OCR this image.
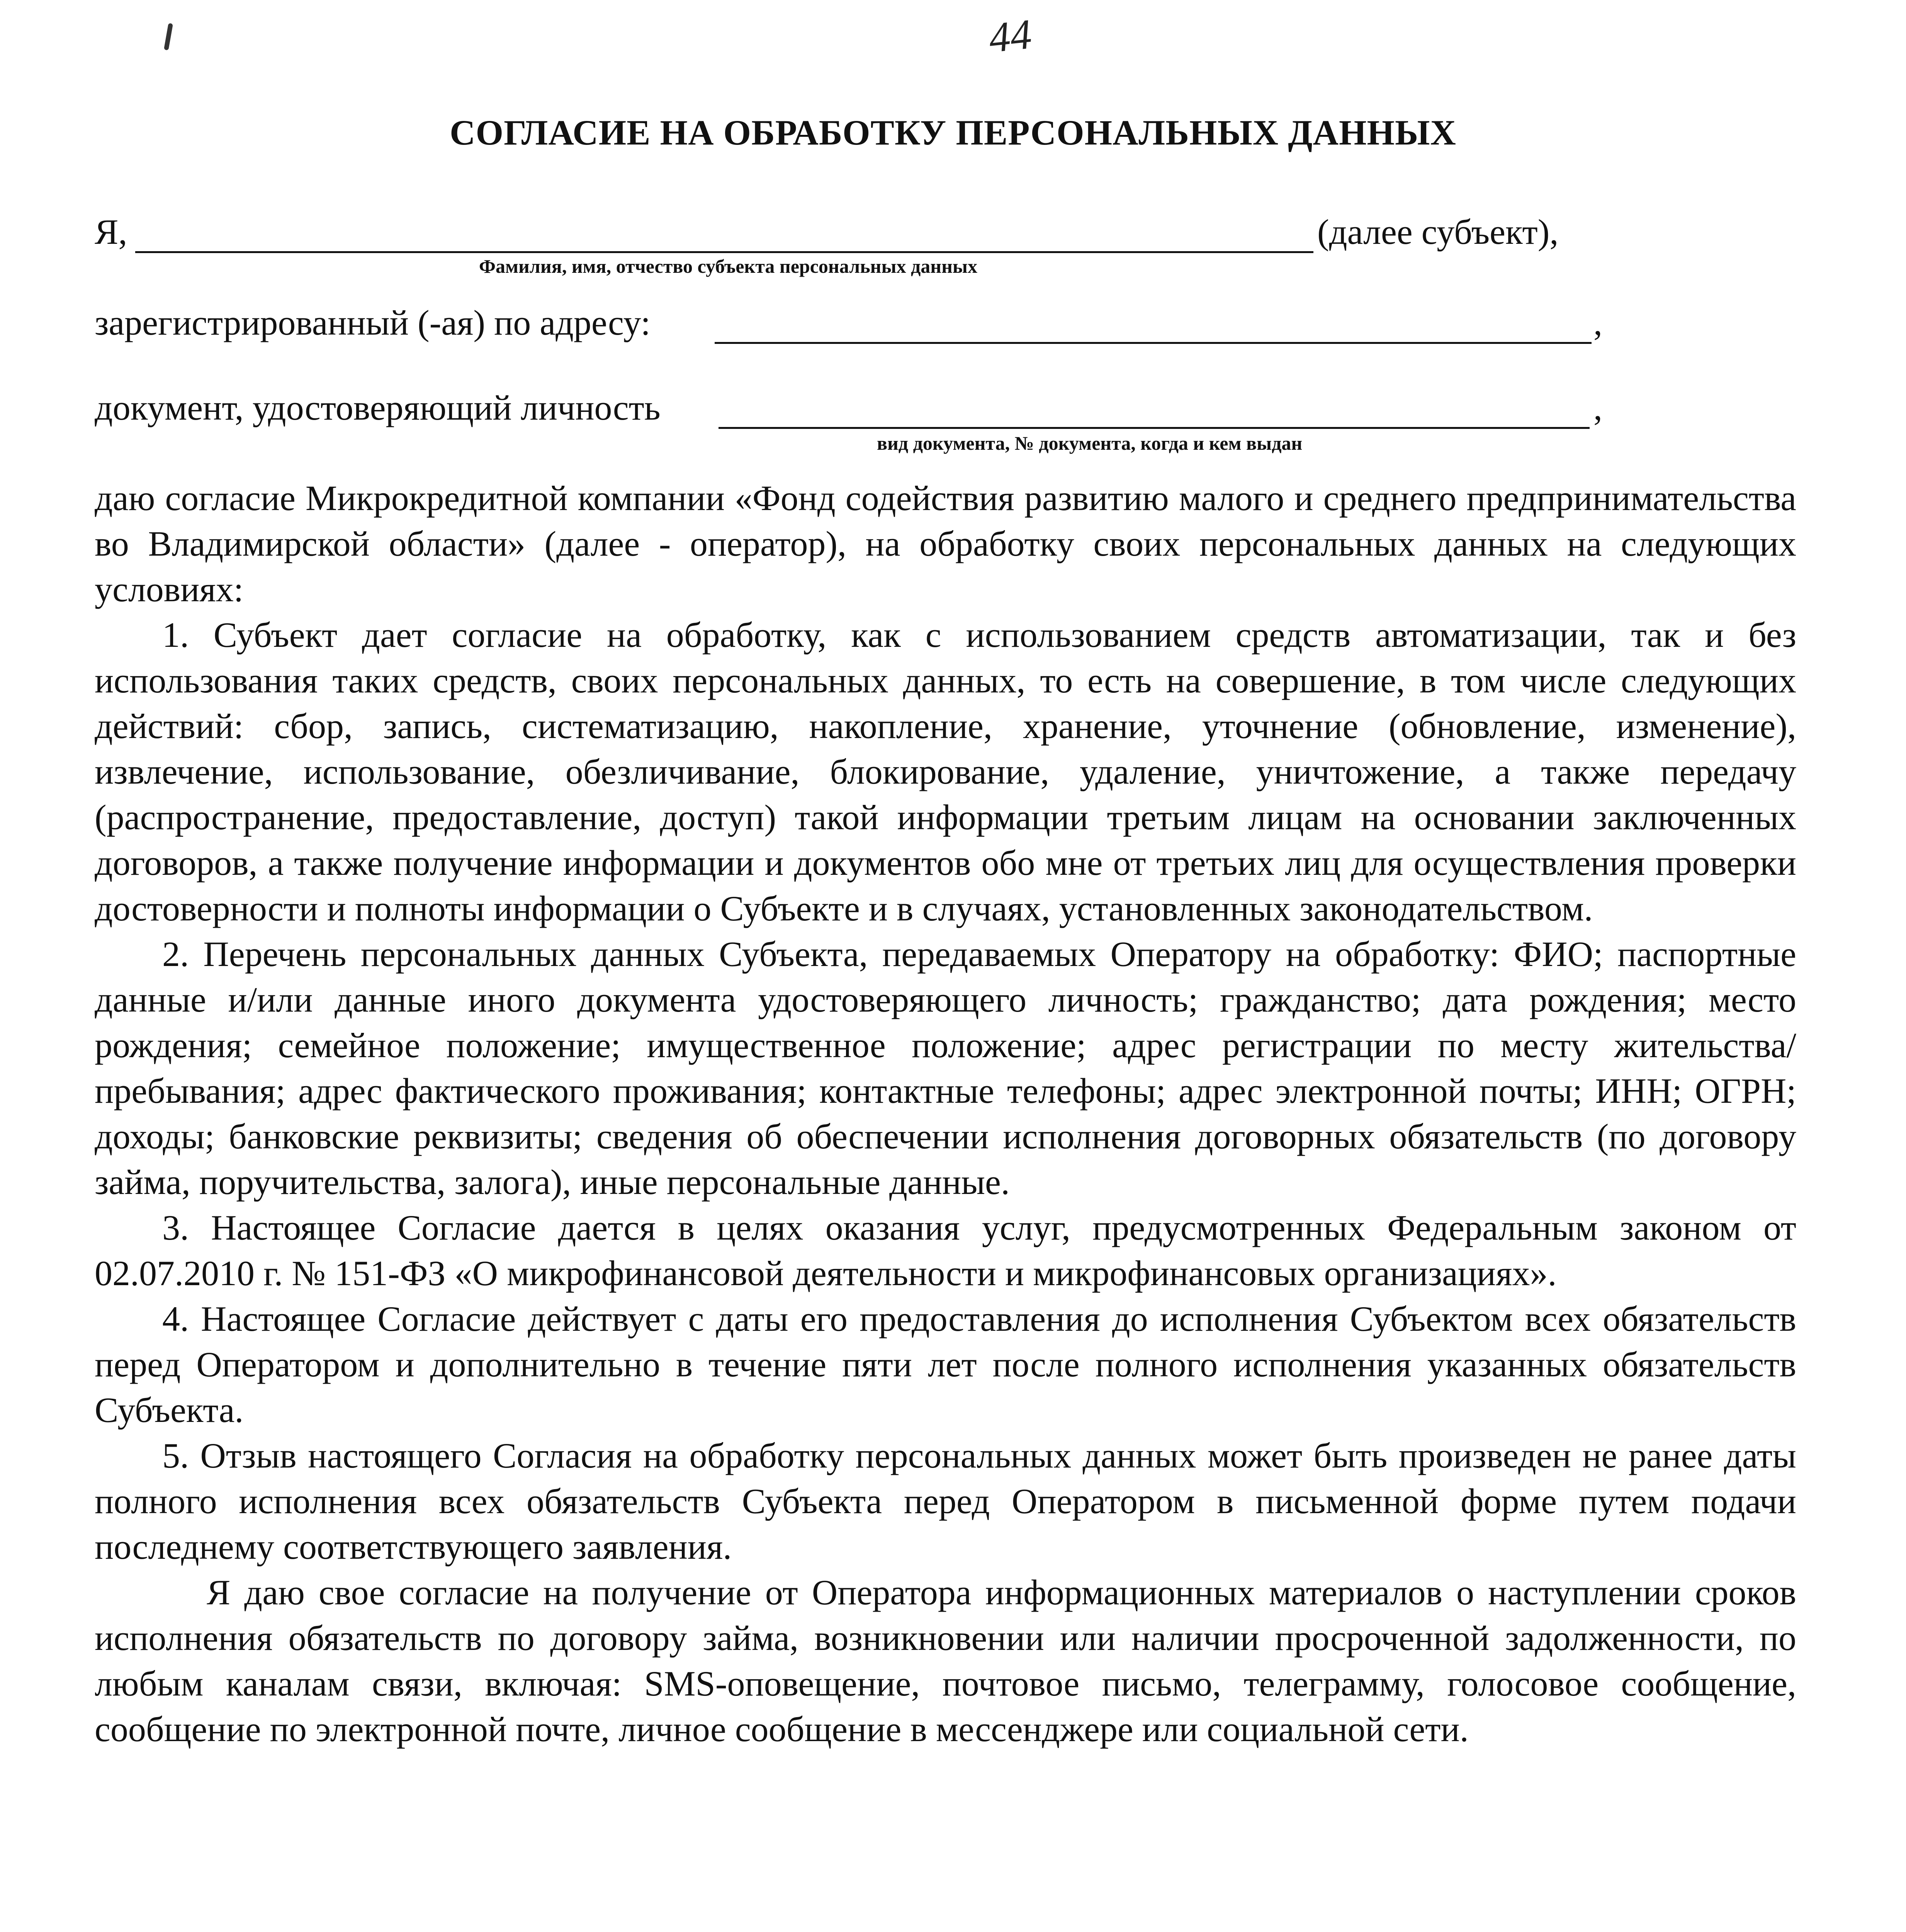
44
СОГЛАСИЕ НА ОБРАБОТКУ ПЕРСОНАЛЬНЫХ ДАННЫХ
Я,	(далее субъект),
Фамилия, имя, отчество субъекта персональных данных
зарегистрированный (-ая) по адресу:	,
документ, удостоверяющий личность	,
вид документа, № документа, когда и кем выдан

даю согласие Микрокредитной компании «Фонд содействия развитию малого и среднего предпринимательства во Владимирской области» (далее - оператор), на обработку своих персональных данных на следующих условиях:

1. Субъект дает согласие на обработку, как с использованием средств автоматизации, так и без использования таких средств, своих персональных данных, то есть на совершение, в том числе следующих действий: сбор, запись, систематизацию, накопление, хранение, уточнение (обновление, изменение), извлечение, использование, обезличивание, блокирование, удаление, уничтожение, а также передачу (распространение, предоставление, доступ) такой информации третьим лицам на основании заключенных договоров, а также получение информации и документов обо мне от третьих лиц для осуществления проверки достоверности и полноты информации о Субъекте и в случаях, установленных законодательством.

2. Перечень персональных данных Субъекта, передаваемых Оператору на обработку: ФИО; паспортные данные и/или данные иного документа удостоверяющего личность; гражданство; дата рождения; место рождения; семейное положение; имущественное положение; адрес регистрации по месту жительства/пребывания; адрес фактического проживания; контактные телефоны; адрес электронной почты; ИНН; ОГРН; доходы; банковские реквизиты; сведения об обеспечении исполнения договорных обязательств (по договору займа, поручительства, залога), иные персональные данные.

3. Настоящее Согласие дается в целях оказания услуг, предусмотренных Федеральным законом от 02.07.2010 г. № 151-ФЗ «О микрофинансовой деятельности и микрофинансовых организациях».

4. Настоящее Согласие действует с даты его предоставления до исполнения Субъектом всех обязательств перед Оператором и дополнительно в течение пяти лет после полного исполнения указанных обязательств Субъекта.

5. Отзыв настоящего Согласия на обработку персональных данных может быть произведен не ранее даты полного исполнения всех обязательств Субъекта перед Оператором в письменной форме путем подачи последнему соответствующего заявления.

Я даю свое согласие на получение от Оператора информационных материалов о наступлении сроков исполнения обязательств по договору займа, возникновении или наличии просроченной задолженности, по любым каналам связи, включая: SMS-оповещение, почтовое письмо, телеграмму, голосовое сообщение, сообщение по электронной почте, личное сообщение в мессенджере или социальной сети.
